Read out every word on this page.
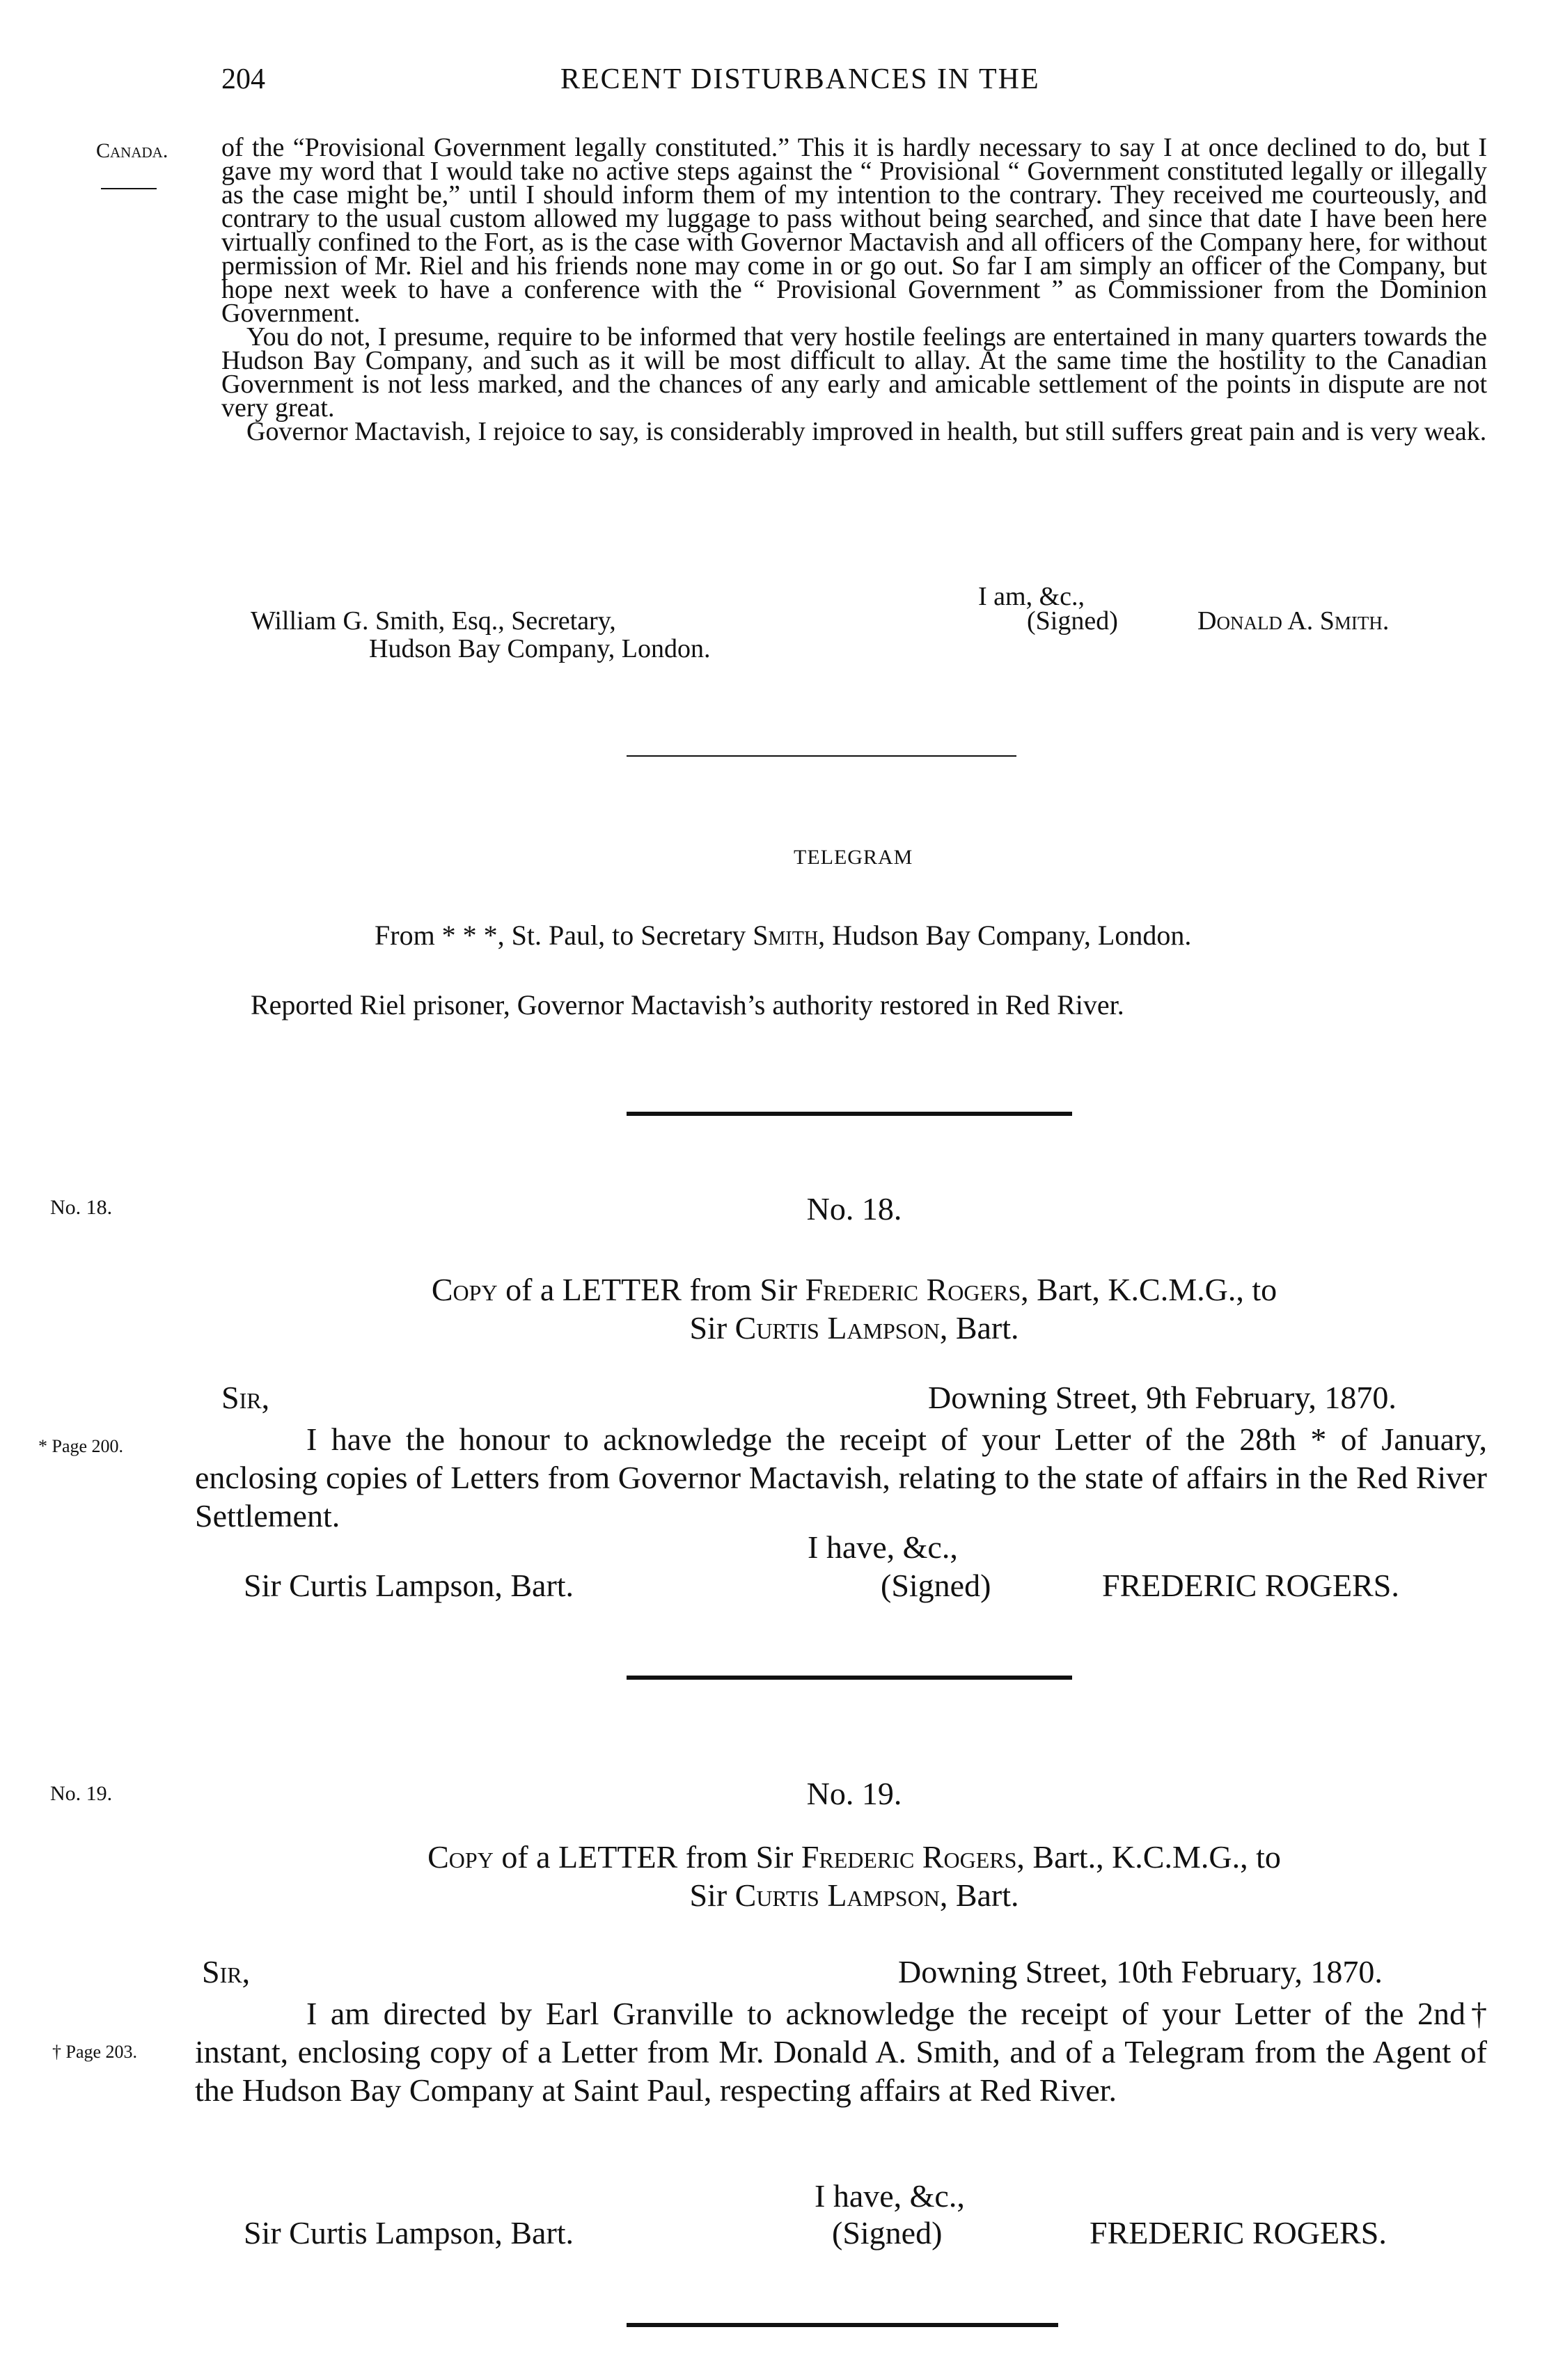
204	RECENT DISTURBANCES IN THE
Canada. of the “Provisional Government legally constituted.” This it is hardly necessary to say I at once declined to do, but I gave my word that I would take no active steps against the “ Provisional “ Government constituted legally or illegally as the case might be,” until I should inform them of my intention to the contrary. They received me courteously, and contrary to the usual custom allowed my luggage to pass without being searched, and since that date I have been here virtually confined to the Fort, as is the case with Governor Mactavish and all officers of the Company here, for without permission of Mr. Riel and his friends none may come in or go out. So far I am simply an officer of the Company, but hope next week to have a conference with the “ Provisional Government ” as Commissioner from the Dominion Government.

You do not, I presume, require to be informed that very hostile feelings are entertained in many quarters towards the Hudson Bay Company, and such as it will be most difficult to allay. At the same time the hostility to the Canadian Government is not less marked, and the chances of any early and amicable settlement of the points in dispute are not very great.

Governor Mactavish, I rejoice to say, is considerably improved in health, but still suffers great pain and is very weak.

I am, &c.,
William G. Smith, Esq., Secretary,	(Signed)	Donald A. Smith.
Hudson Bay Company, London.
TELEGRAM
From * * *, St. Paul, to Secretary Smith, Hudson Bay Company, London.
Reported Riel prisoner, Governor Mactavish’s authority restored in Red River.
No. 18.	No. 18.
Copy of a LETTER from Sir Frederic Rogers, Bart, K.C.M.G., to
Sir Curtis Lampson, Bart.
Sir,	Downing Street, 9th February, 1870.
* Page 200.	I have the honour to acknowledge the receipt of your Letter of the 28th * of January, enclosing copies of Letters from Governor Mactavish, relating to the state of affairs in the Red River Settlement.

I have, &c.,
Sir Curtis Lampson, Bart.	(Signed)	FREDERIC ROGERS.
No. 19.	No. 19.
Copy of a LETTER from Sir Frederic Rogers, Bart., K.C.M.G., to
Sir Curtis Lampson, Bart.
Sir,	Downing Street, 10th February, 1870.
† Page 203.

I am directed by Earl Granville to acknowledge the receipt of your Letter of the 2nd† instant, enclosing copy of a Letter from Mr. Donald A. Smith, and of a Telegram from the Agent of the Hudson Bay Company at Saint Paul, respecting affairs at Red River.

I have, &c.,
Sir Curtis Lampson, Bart.	(Signed)	FREDERIC ROGERS.
